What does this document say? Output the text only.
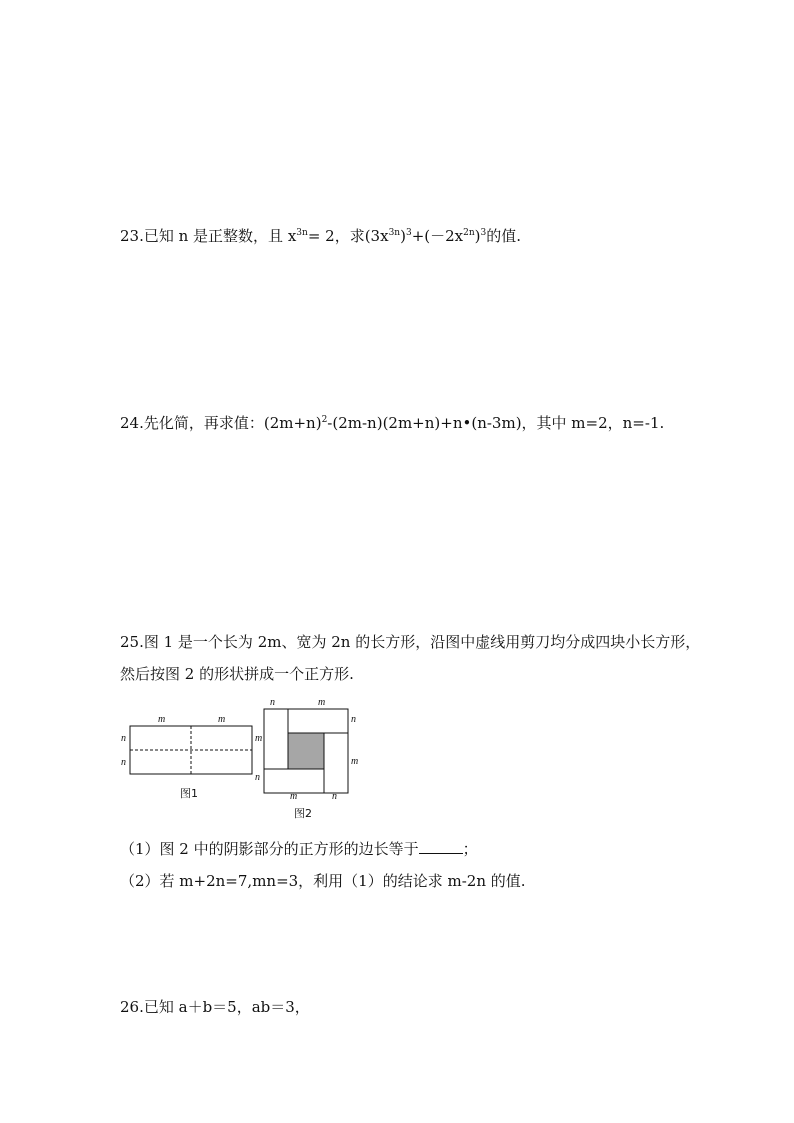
23.已知 n 是正整数，且 $x^{3n}= 2$，求$(3x^{3n})^3+(-2x^{2n})^3$的值.
24.先化简，再求值：$(2m+n)^2-(2m-n)(2m+n)+n•(n-3m)$，其中 m=2，n=-1.
25.图 1 是一个长为 2m、宽为 2n 的长方形，沿图中虚线用剪刀均分成四块小长方形，
然后按图 2 的形状拼成一个正方形.
m	m
n
n
图1
n	m
m
n
n
m
m	n
图2
（1）图 2 中的阴影部分的正方形的边长等于	；
（2）若 m+2n=7,mn=3，利用（1）的结论求 m-2n 的值.
26.已知 a＋b＝5，ab＝3，
